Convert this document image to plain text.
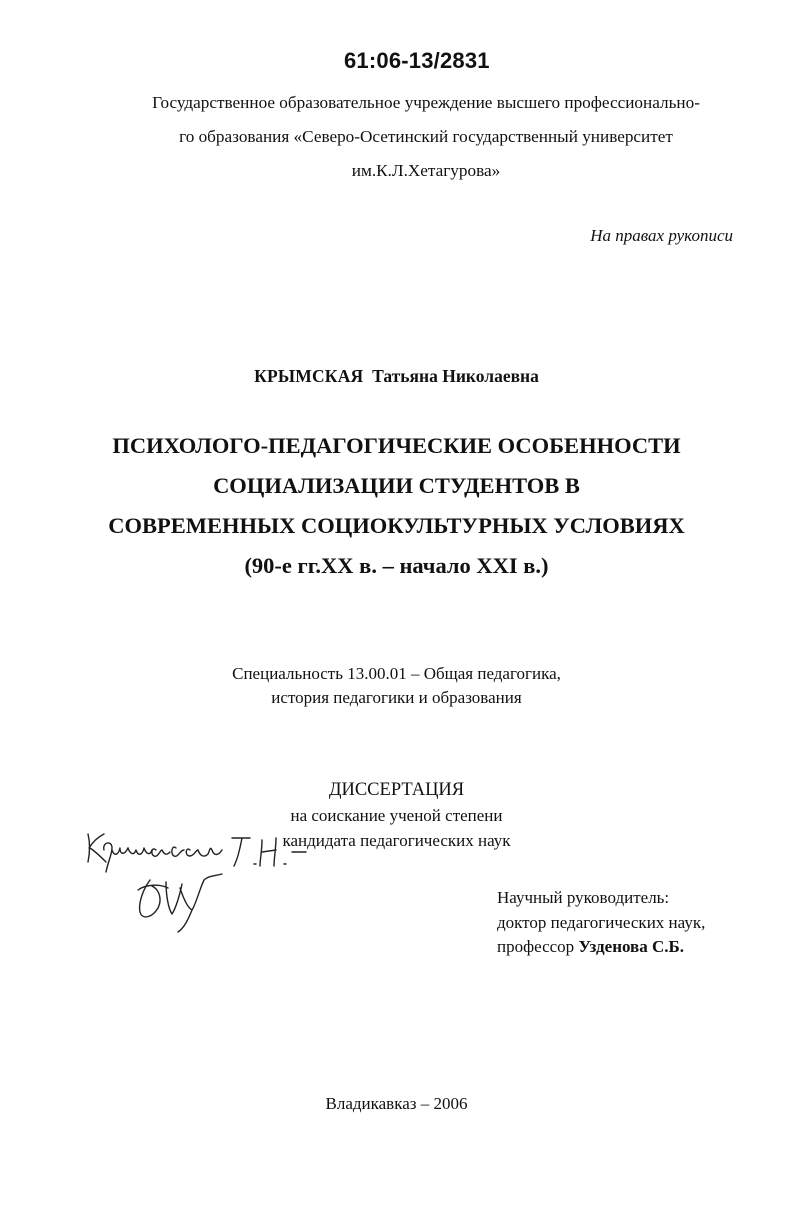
61:06-13/2831
Государственное образовательное учреждение высшего профессионально-
го образования «Северо-Осетинский государственный университет
им.К.Л.Хетагурова»
На правах рукописи
КРЫМСКАЯ Татьяна Николаевна
ПСИХОЛОГО-ПЕДАГОГИЧЕСКИЕ ОСОБЕННОСТИ
СОЦИАЛИЗАЦИИ СТУДЕНТОВ В
СОВРЕМЕННЫХ СОЦИОКУЛЬТУРНЫХ УСЛОВИЯХ
(90-е гг.XX в. – начало XXI в.)
Специальность 13.00.01 – Общая педагогика,
история педагогики и образования
ДИССЕРТАЦИЯ
на соискание ученой степени
кандидата педагогических наук
Научный руководитель:
доктор педагогических наук,
профессор Узденова С.Б.
Владикавказ – 2006
